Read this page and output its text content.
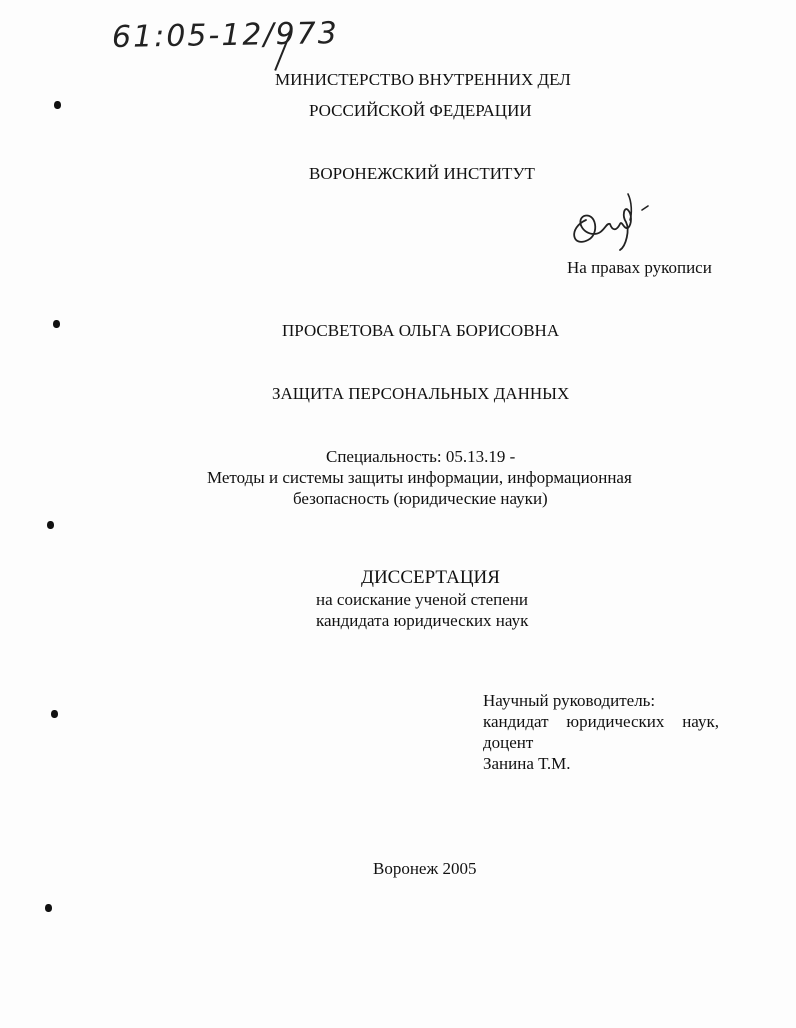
61:05-12/973
МИНИСТЕРСТВО ВНУТРЕННИХ ДЕЛ
РОССИЙСКОЙ ФЕДЕРАЦИИ
ВОРОНЕЖСКИЙ ИНСТИТУТ
На правах рукописи
ПРОСВЕТОВА ОЛЬГА БОРИСОВНА
ЗАЩИТА ПЕРСОНАЛЬНЫХ ДАННЫХ
Специальность: 05.13.19 -
Методы и системы защиты информации, информационная
безопасность (юридические науки)
ДИССЕРТАЦИЯ
на соискание ученой степени
кандидата юридических наук
Научный руководитель:
кандидат юридических наук,
доцент
Занина Т.М.
Воронеж 2005
